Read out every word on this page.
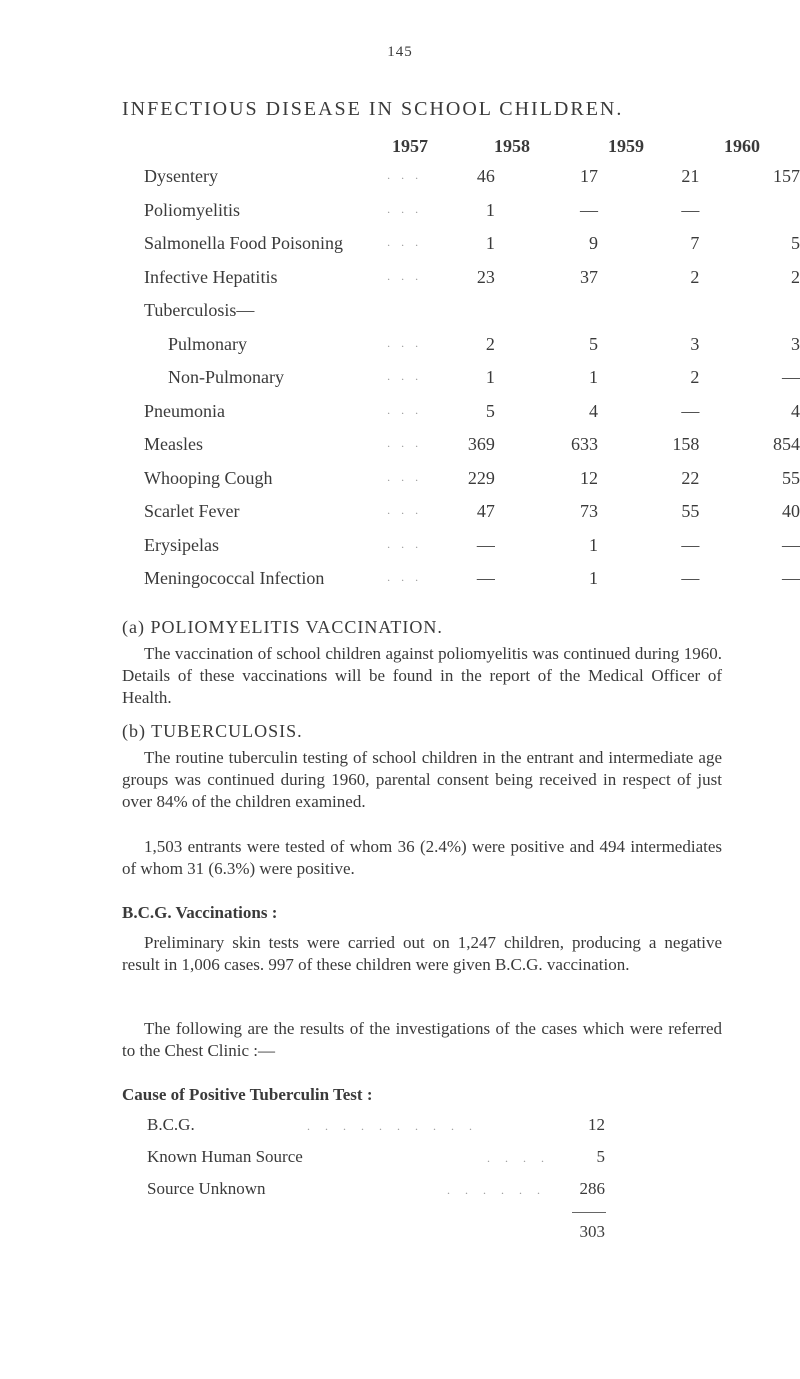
145
INFECTIOUS DISEASE IN SCHOOL CHILDREN.
1957	1958	1959	1960
Dysentery . . .	46	17	21	157
Poliomyelitis . . .	1	—	—	
Salmonella Food Poisoning . . .	1	9	7	5
Infective Hepatitis . . .	23	37	2	2
Tuberculosis—				
Pulmonary . . .	2	5	3	3
Non-Pulmonary . . .	1	1	2	—
Pneumonia . . .	5	4	—	4
Measles . . .	369	633	158	854
Whooping Cough . . .	229	12	22	55
Scarlet Fever . . .	47	73	55	40
Erysipelas . . .	—	1	—	—
Meningococcal Infection . . .	—	1	—	—
(a) POLIOMYELITIS VACCINATION.
The vaccination of school children against poliomyelitis was continued during 1960. Details of these vaccinations will be found in the report of the Medical Officer of Health.
(b) TUBERCULOSIS.
The routine tuberculin testing of school children in the entrant and intermediate age groups was continued during 1960, parental consent being received in respect of just over 84% of the children examined.
1,503 entrants were tested of whom 36 (2.4%) were positive and 494 intermediates of whom 31 (6.3%) were positive.
B.C.G. Vaccinations :
Preliminary skin tests were carried out on 1,247 children, producing a negative result in 1,006 cases. 997 of these children were given B.C.G. vaccination.
The following are the results of the investigations of the cases which were referred to the Chest Clinic :—
Cause of Positive Tuberculin Test :
B.C.G.	. . . . . . . . . .	12
Known Human Source	. . . .	5
Source Unknown	. . . . . . 286
303
